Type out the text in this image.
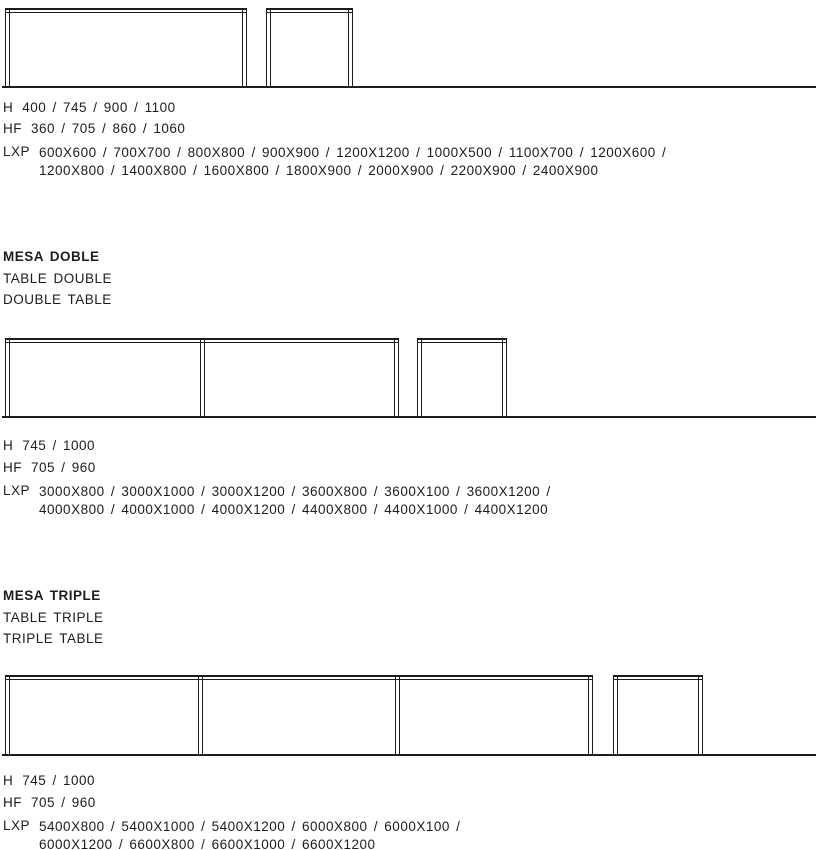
H 400 / 745 / 900 / 1100
HF 360 / 705 / 860 / 1060
LXP 600X600 / 700X700 / 800X800 / 900X900 / 1200X1200 / 1000X500 / 1100X700 / 1200X600 /
1200X800 / 1400X800 / 1600X800 / 1800X900 / 2000X900 / 2200X900 / 2400X900
MESA DOBLE
TABLE DOUBLE
DOUBLE TABLE
H 745 / 1000
HF 705 / 960
LXP 3000X800 / 3000X1000 / 3000X1200 / 3600X800 / 3600X100 / 3600X1200 /
4000X800 / 4000X1000 / 4000X1200 / 4400X800 / 4400X1000 / 4400X1200
MESA TRIPLE
TABLE TRIPLE
TRIPLE TABLE
H 745 / 1000
HF 705 / 960
LXP 5400X800 / 5400X1000 / 5400X1200 / 6000X800 / 6000X100 /
6000X1200 / 6600X800 / 6600X1000 / 6600X1200
